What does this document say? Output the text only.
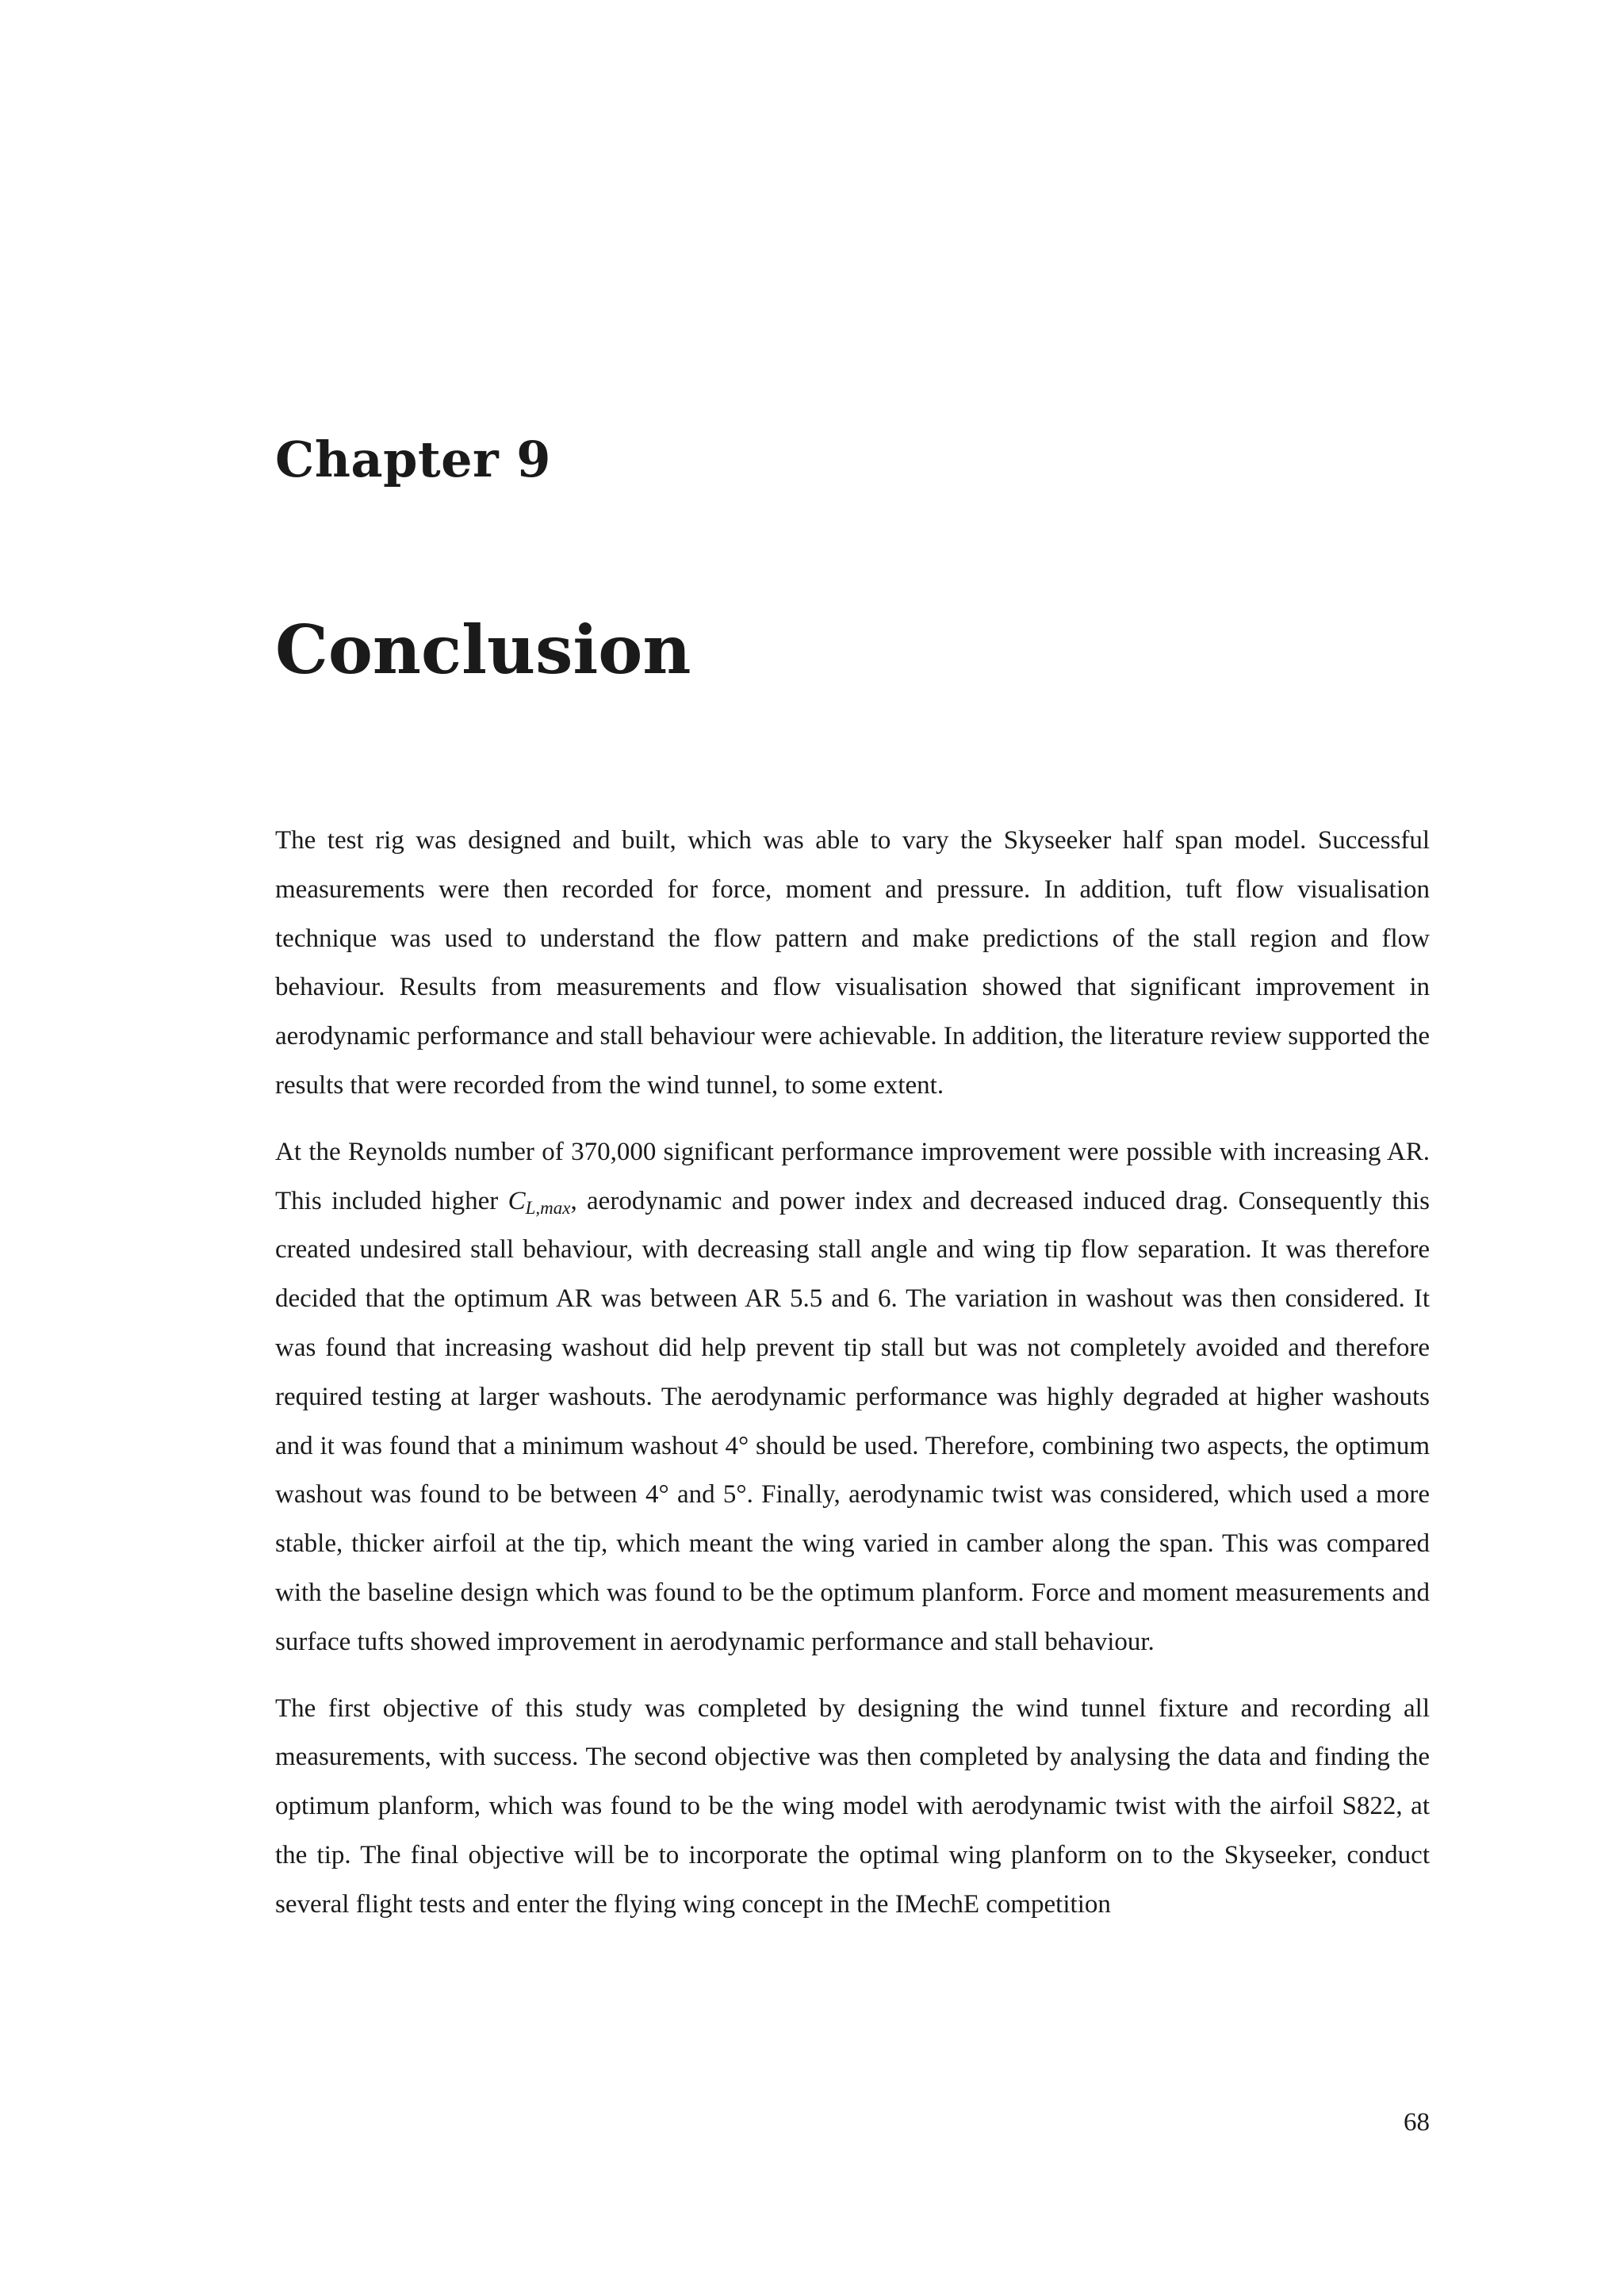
Chapter 9
Conclusion

The test rig was designed and built, which was able to vary the Skyseeker half span model. Successful measurements were then recorded for force, moment and pressure. In addition, tuft flow visualisation technique was used to understand the flow pattern and make predictions of the stall region and flow behaviour. Results from measurements and flow visualisation showed that significant improvement in aerodynamic performance and stall behaviour were achievable. In addition, the literature review supported the results that were recorded from the wind tunnel, to some extent.

At the Reynolds number of 370,000 significant performance improvement were possible with increasing AR. This included higher $C_{L,max}$, aerodynamic and power index and decreased induced drag. Consequently this created undesired stall behaviour, with decreasing stall angle and wing tip flow separation. It was therefore decided that the optimum AR was between AR 5.5 and 6. The variation in washout was then considered. It was found that increasing washout did help prevent tip stall but was not completely avoided and therefore required testing at larger washouts. The aerodynamic performance was highly degraded at higher washouts and it was found that a minimum washout 4° should be used. Therefore, combining two aspects, the optimum washout was found to be between 4° and 5°. Finally, aerodynamic twist was considered, which used a more stable, thicker airfoil at the tip, which meant the wing varied in camber along the span. This was compared with the baseline design which was found to be the optimum planform. Force and moment measurements and surface tufts showed improvement in aerodynamic performance and stall behaviour.

The first objective of this study was completed by designing the wind tunnel fixture and recording all measurements, with success. The second objective was then completed by analysing the data and finding the optimum planform, which was found to be the wing model with aerodynamic twist with the airfoil S822, at the tip. The final objective will be to incorporate the optimal wing planform on to the Skyseeker, conduct several flight tests and enter the flying wing concept in the IMechE competition

68
